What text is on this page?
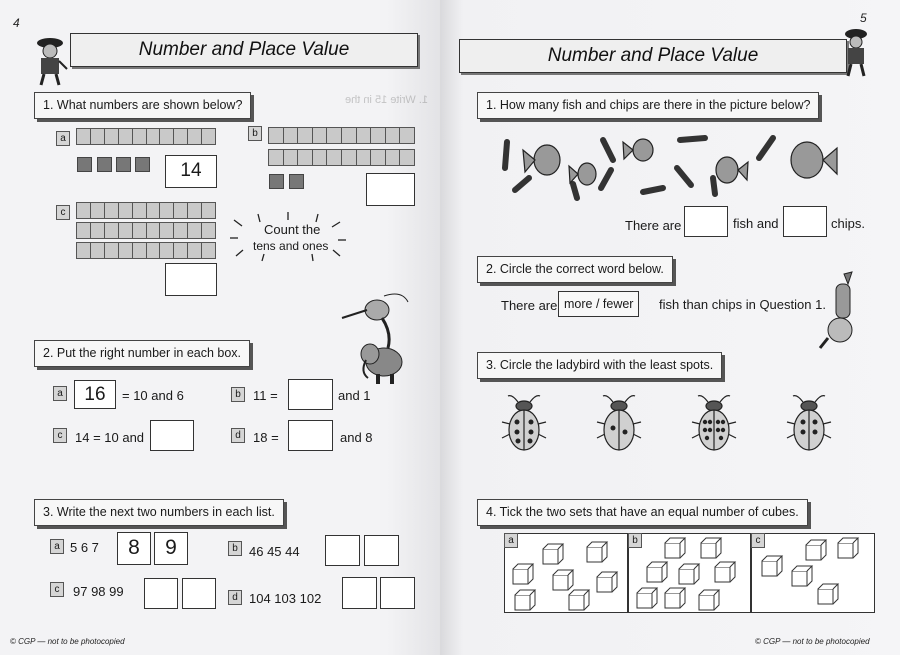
4
Number and Place Value
1. Write 15 in the
1. What numbers are shown below?
a
14
b
c
Count the
tens and ones
2. Put the right number in each box.
a	16	= 10 and 6	b 11 =	and 1
c 14 = 10 and	d 18 =	and 8
3. Write the next two numbers in each list.
a 5 6 7	8	9	b 46 45 44
c	97 98 99	d 104 103 102
© CGP — not to be photocopied
5
Number and Place Value
1. How many fish and chips are there in the picture below?
There are	fish and	chips.
2. Circle the correct word below.
There are more / fewer	fish than chips in Question 1.
3. Circle the ladybird with the least spots.
4. Tick the two sets that have an equal number of cubes.
a	b	c
© CGP — not to be photocopied
